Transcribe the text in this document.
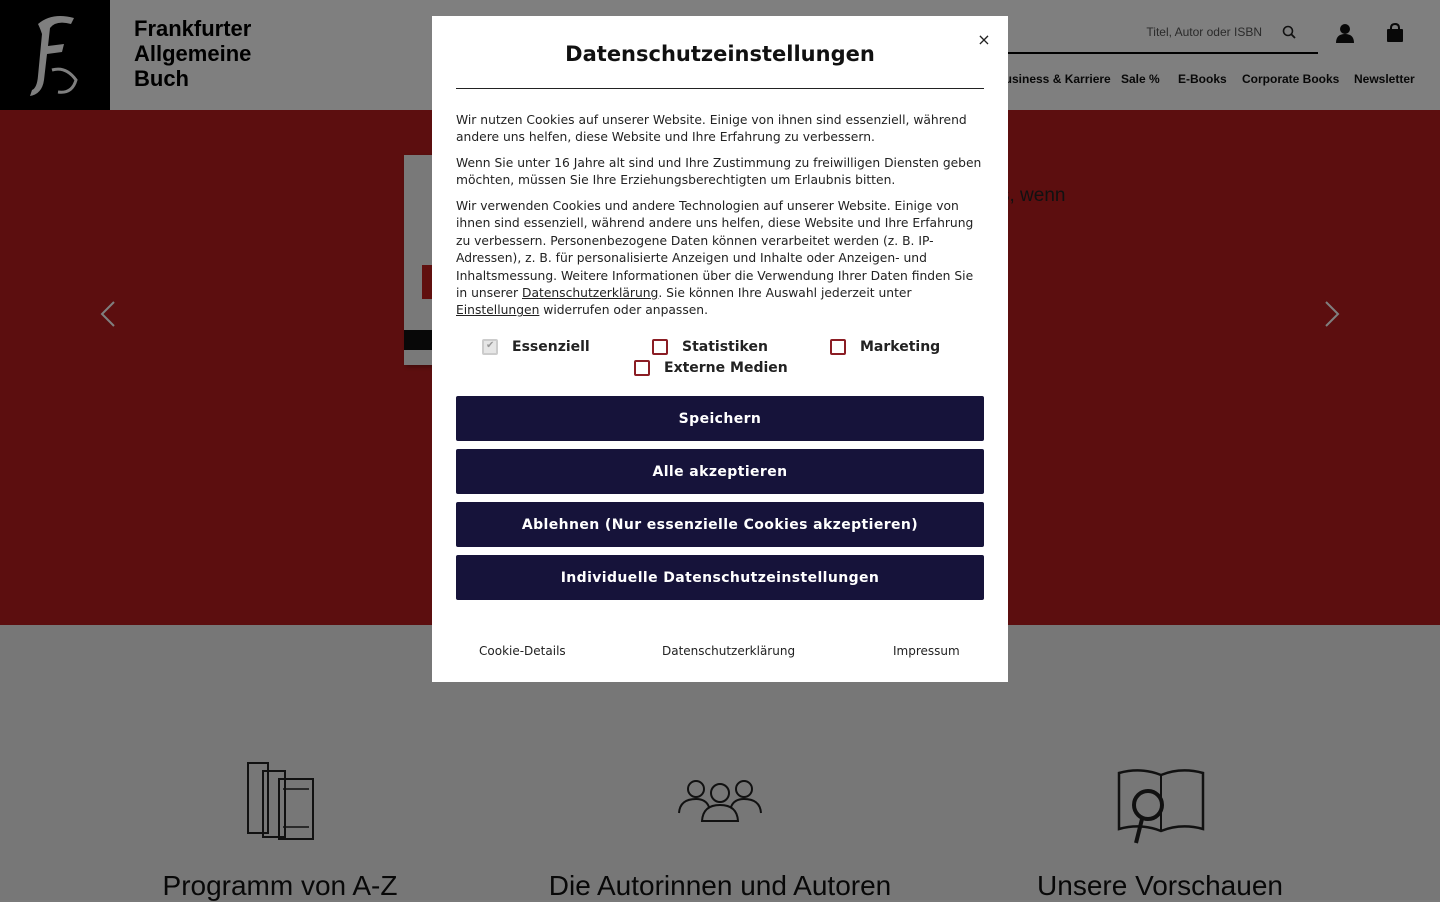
×
Datenschutzeinstellungen

Wir nutzen Cookies auf unserer Website. Einige von ihnen sind essenziell, während andere uns helfen, diese Website und Ihre Erfahrung zu verbessern.

Wenn Sie unter 16 Jahre alt sind und Ihre Zustimmung zu freiwilligen Diensten geben möchten, müssen Sie Ihre Erziehungsberechtigten um Erlaubnis bitten.

Wir verwenden Cookies und andere Technologien auf unserer Website. Einige von ihnen sind essenziell, während andere uns helfen, diese Website und Ihre Erfahrung zu verbessern. Personenbezogene Daten können verarbeitet werden (z. B. IP-Adressen), z. B. für personalisierte Anzeigen und Inhalte oder Anzeigen- und Inhaltsmessung. Weitere Informationen über die Verwendung Ihrer Daten finden Sie in unserer Datenschutzerklärung. Sie können Ihre Auswahl jederzeit unter Einstellungen widerrufen oder anpassen.

✔
Essenziell	Statistiken	Marketing
Externe Medien
Speichern
Alle akzeptieren
Ablehnen (Nur essenzielle Cookies akzeptieren)
Individuelle Datenschutzeinstellungen
Cookie-Details	Datenschutzerklärung	Impressum
